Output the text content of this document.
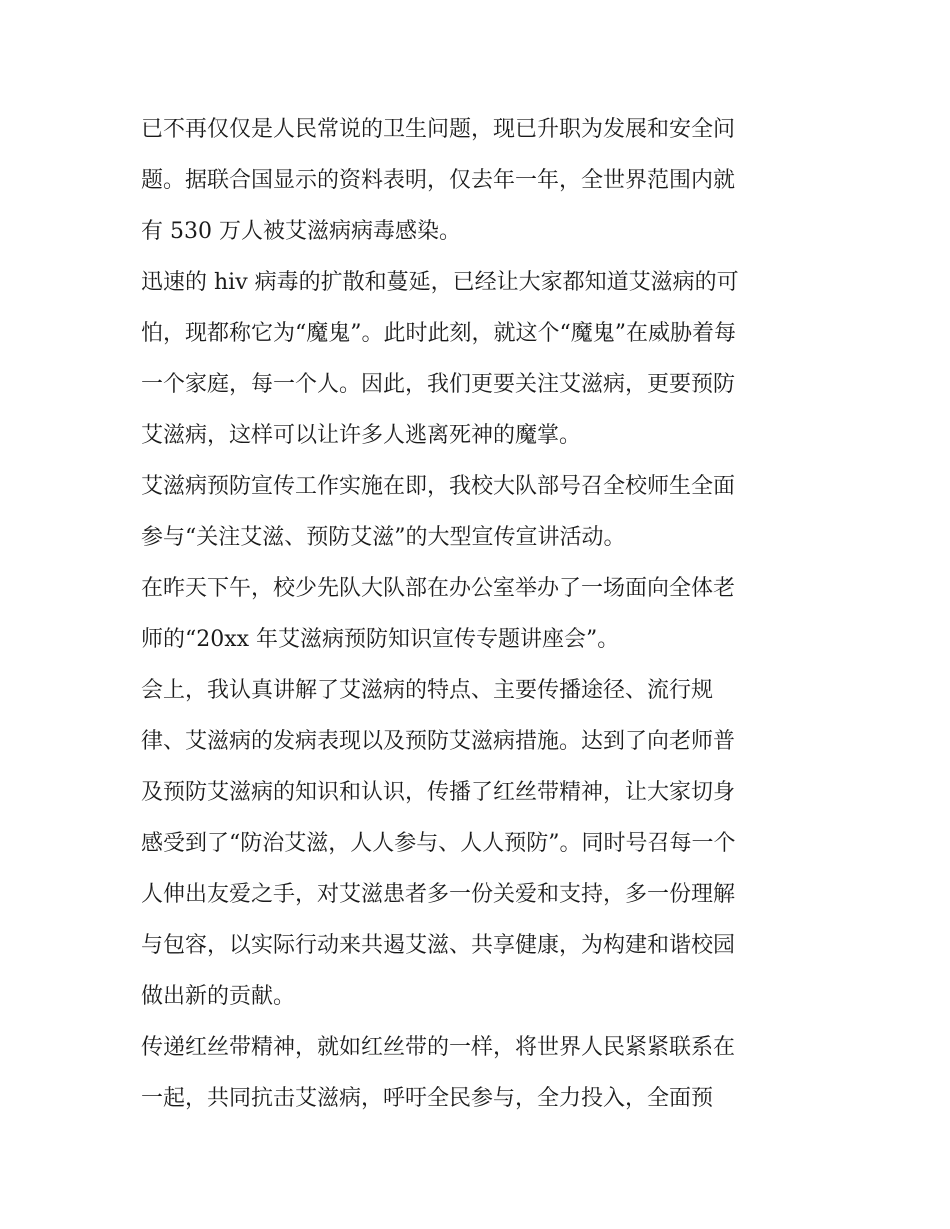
已不再仅仅是人民常说的卫生问题，现已升职为发展和安全问
题。据联合国显示的资料表明，仅去年一年，全世界范围内就
有 530 万人被艾滋病病毒感染。
迅速的 hiv 病毒的扩散和蔓延，已经让大家都知道艾滋病的可
怕，现都称它为“魔鬼”。此时此刻，就这个“魔鬼”在威胁着每
一个家庭，每一个人。因此，我们更要关注艾滋病，更要预防
艾滋病，这样可以让许多人逃离死神的魔掌。
艾滋病预防宣传工作实施在即，我校大队部号召全校师生全面
参与“关注艾滋、预防艾滋”的大型宣传宣讲活动。
在昨天下午，校少先队大队部在办公室举办了一场面向全体老
师的“20xx 年艾滋病预防知识宣传专题讲座会”。
会上，我认真讲解了艾滋病的特点、主要传播途径、流行规
律、艾滋病的发病表现以及预防艾滋病措施。达到了向老师普
及预防艾滋病的知识和认识，传播了红丝带精神，让大家切身
感受到了“防治艾滋，人人参与、人人预防”。同时号召每一个
人伸出友爱之手，对艾滋患者多一份关爱和支持，多一份理解
与包容，以实际行动来共遏艾滋、共享健康，为构建和谐校园
做出新的贡献。
传递红丝带精神，就如红丝带的一样，将世界人民紧紧联系在
一起，共同抗击艾滋病，呼吁全民参与，全力投入，全面预
